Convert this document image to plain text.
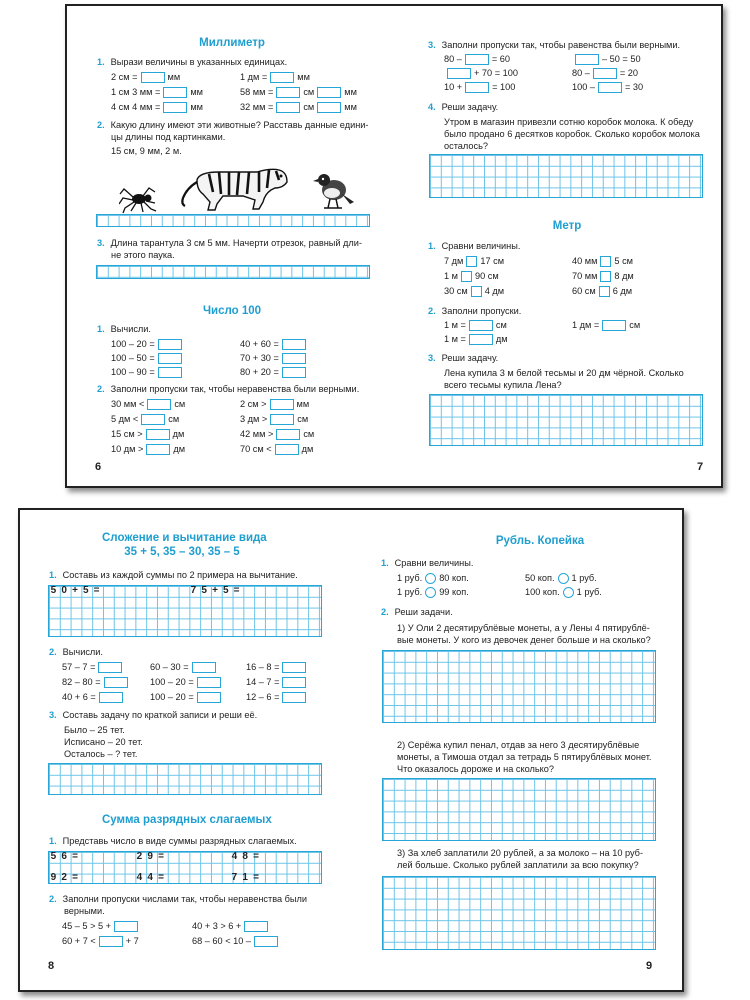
Миллиметр
1. Вырази величины в указанных единицах.
2 см =	мм	1 дм =	мм
1 см 3 мм =	мм	58 мм =	см	мм
4 см 4 мм =	мм	32 мм =	см	мм
2. Какую длину имеют эти животные? Расставь данные едини-
цы длины под картинками.
15 см, 9 мм, 2 м.
3. Длина тарантула 3 см 5 мм. Начерти отрезок, равный дли-
не этого паука.
Число 100
1. Вычисли.
100 – 20 =	40 + 60 =
100 – 50 =	70 + 30 =
100 – 90 =	80 + 20 =
2. Заполни пропуски так, чтобы неравенства были верными.
30 мм <	см	2 см >	мм
5 дм <	см	3 дм >	см
15 см >	дм	42 мм >	см
10 дм >	дм	70 см <	дм
6
3. Заполни пропуски так, чтобы равенства были верными.
80 –	= 60	– 50 = 50
+ 70 = 100	80 –	= 20
10 +	= 100	100 –	= 30
4. Реши задачу.
Утром в магазин привезли сотню коробок молока. К обеду
было продано 6 десятков коробок. Сколько коробок молока
осталось?
Метр
1. Сравни величины.
7 дм 17 см	40 мм 5 см
1 м 90 см	70 мм 8 дм
30 см 4 дм	60 см 6 дм
2. Заполни пропуски.
1 м =	см	1 дм =	см
1 м =	дм
3. Реши задачу.
Лена купила 3 м белой тесьмы и 20 дм чёрной. Сколько
всего тесьмы купила Лена?
7
Сложение и вычитание вида
35 + 5, 35 – 30, 35 – 5
1. Составь из каждой суммы по 2 примера на вычитание.
5 0 + 5 =	7 5 + 5 =
2. Вычисли.
57 – 7 =	60 – 30 =	16 – 8 =
82 – 80 =	100 – 20 =	14 – 7 =
40 + 6 =	100 – 20 =	12 – 6 =
3. Составь задачу по краткой записи и реши её.
Было – 25 тет.
Исписано – 20 тет.
Осталось – ? тет.
Сумма разрядных слагаемых
1. Представь число в виде суммы разрядных слагаемых.
5 6 =	2 9 =	4 8 =
9 2 =	4 4 =	7 1 =
2. Заполни пропуски числами так, чтобы неравенства были
верными.
45 – 5 > 5 +	40 + 3 > 6 +
60 + 7 <	+ 7	68 – 60 < 10 –
8
Рубль. Копейка
1. Сравни величины.
1 руб. 80 коп.	50 коп. 1 руб.
1 руб. 99 коп.	100 коп. 1 руб.
2. Реши задачи.
1) У Оли 2 десятирублёвые монеты, а у Лены 4 пятирублё-
вые монеты. У кого из девочек денег больше и на сколько?
2) Серёжа купил пенал, отдав за него 3 десятирублёвые
монеты, а Тимоша отдал за тетрадь 5 пятирублёвых монет.
Что оказалось дороже и на сколько?
3) За хлеб заплатили 20 рублей, а за молоко – на 10 руб-
лей больше. Сколько рублей заплатили за всю покупку?
9
